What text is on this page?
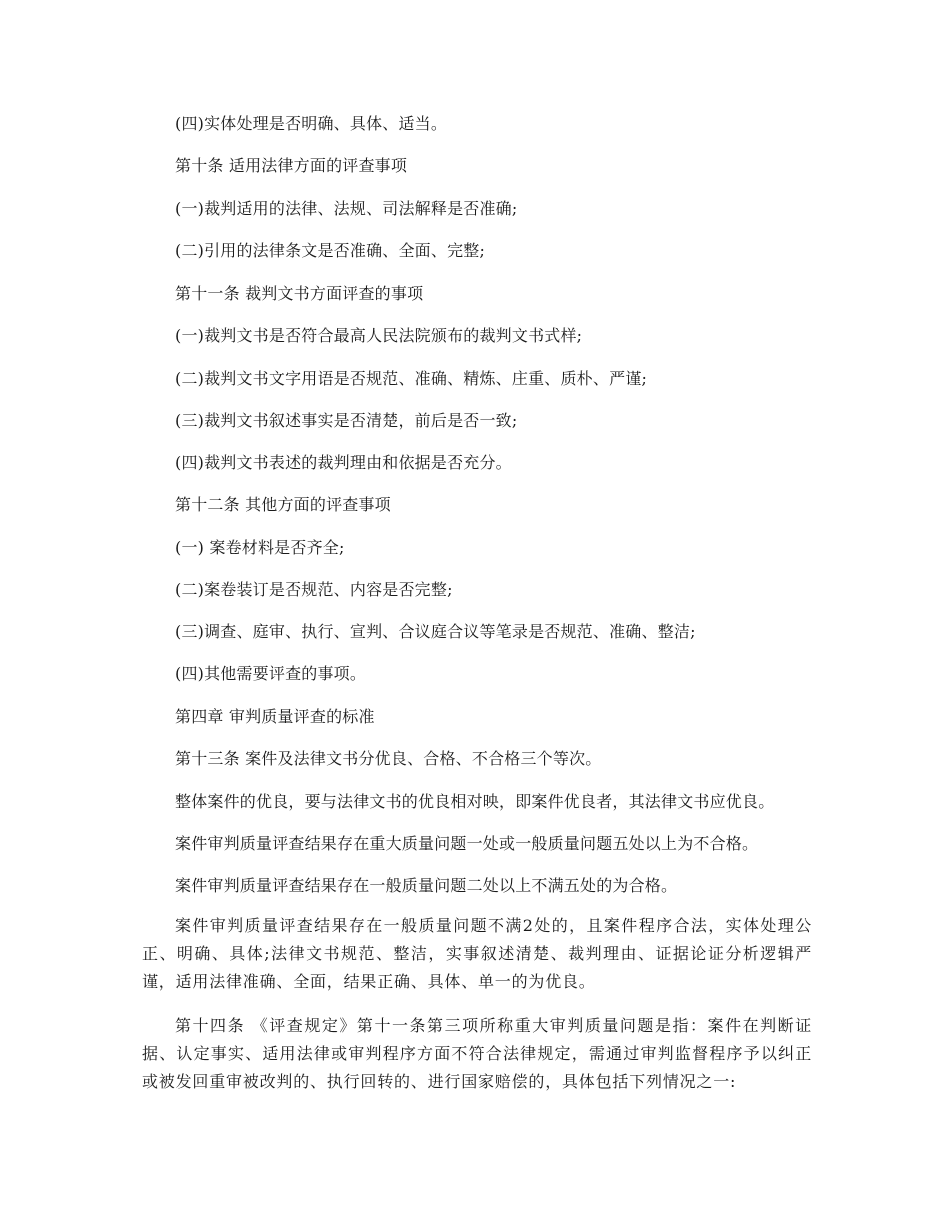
(四)实体处理是否明确、具体、适当。
第十条 适用法律方面的评查事项
(一)裁判适用的法律、法规、司法解释是否准确;
(二)引用的法律条文是否准确、全面、完整;
第十一条 裁判文书方面评查的事项
(一)裁判文书是否符合最高人民法院颁布的裁判文书式样;
(二)裁判文书文字用语是否规范、准确、精炼、庄重、质朴、严谨;
(三)裁判文书叙述事实是否清楚，前后是否一致;
(四)裁判文书表述的裁判理由和依据是否充分。
第十二条 其他方面的评查事项
(一) 案卷材料是否齐全;
(二)案卷装订是否规范、内容是否完整;
(三)调查、庭审、执行、宣判、合议庭合议等笔录是否规范、准确、整洁;
(四)其他需要评查的事项。
第四章 审判质量评查的标准
第十三条 案件及法律文书分优良、合格、不合格三个等次。
整体案件的优良，要与法律文书的优良相对映，即案件优良者，其法律文书应优良。
案件审判质量评查结果存在重大质量问题一处或一般质量问题五处以上为不合格。
案件审判质量评查结果存在一般质量问题二处以上不满五处的为合格。

案件审判质量评查结果存在一般质量问题不满2处的，且案件程序合法，实体处理公正、明确、具体;法律文书规范、整洁，实事叙述清楚、裁判理由、证据论证分析逻辑严谨，适用法律准确、全面，结果正确、具体、单一的为优良。

第十四条 《评查规定》第十一条第三项所称重大审判质量问题是指：案件在判断证据、认定事实、适用法律或审判程序方面不符合法律规定，需通过审判监督程序予以纠正或被发回重审被改判的、执行回转的、进行国家赔偿的，具体包括下列情况之一:
